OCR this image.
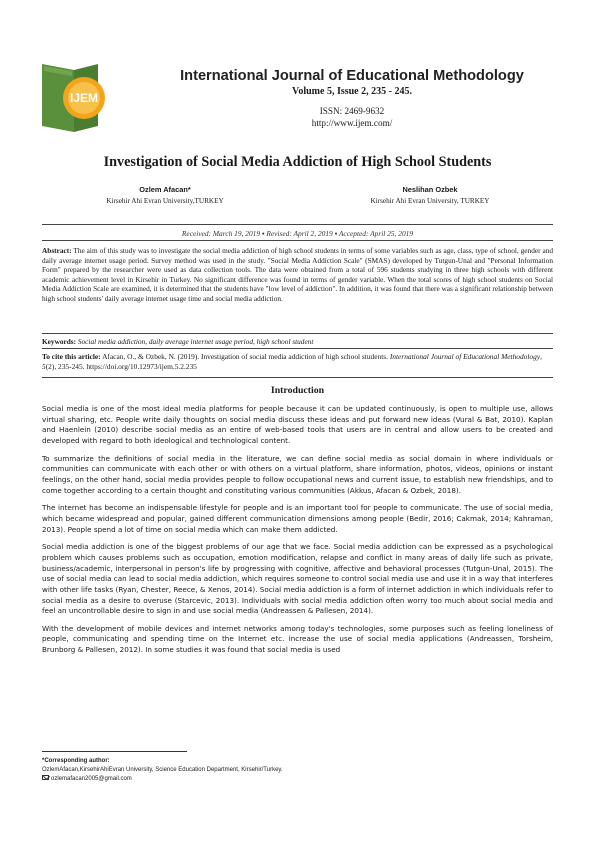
IJEM
International Journal of Educational Methodology
Volume 5, Issue 2, 235 - 245.
ISSN: 2469-9632
http://www.ijem.com/
Investigation of Social Media Addiction of High School Students
Ozlem Afacan*
Kirsehir Ahi Evran University,TURKEY
Neslihan Ozbek
Kirsehir Ahi Evran University, TURKEY
Received: March 19, 2019 ▪ Revised: April 2, 2019 ▪ Accepted: April 25, 2019
Abstract: The aim of this study was to investigate the social media addiction of high school students in terms of some variables such as age, class, type of school, gender and daily average internet usage period. Survey method was used in the study. "Social Media Addiction Scale" (SMAS) developed by Tutgun-Unal and "Personal Information Form" prepared by the researcher were used as data collection tools. The data were obtained from a total of 596 students studying in three high schools with different academic achievement level in Kirsehir in Turkey. No significant difference was found in terms of gender variable. When the total scores of high school students on Social Media Addiction Scale are examined, it is determined that the students have "low level of addiction". In addition, it was found that there was a significant relationship between high school students' daily average internet usage time and social media addiction.
Keywords: Social media addiction, daily average internet usage period, high school student
To cite this article: Afacan, O., & Ozbek, N. (2019). Investigation of social media addiction of high school students. International Journal of Educational Methodology, 5(2), 235-245. https://doi.org/10.12973/ijem.5.2.235
Introduction

Social media is one of the most ideal media platforms for people because it can be updated continuously, is open to multiple use, allows virtual sharing, etc. People write daily thoughts on social media discuss these ideas and put forward new ideas (Vural & Bat, 2010). Kaplan and Haenlein (2010) describe social media as an entire of web-based tools that users are in central and allow users to be created and developed with regard to both ideological and technological content.

To summarize the definitions of social media in the literature, we can define social media as social domain in where individuals or communities can communicate with each other or with others on a virtual platform, share information, photos, videos, opinions or instant feelings, on the other hand, social media provides people to follow occupational news and current issue, to establish new friendships, and to come together according to a certain thought and constituting various communities (Akkus, Afacan & Ozbek, 2018).

The internet has become an indispensable lifestyle for people and is an important tool for people to communicate. The use of social media, which became widespread and popular, gained different communication dimensions among people (Bedir, 2016; Cakmak, 2014; Kahraman, 2013). People spend a lot of time on social media which can make them addicted.

Social media addiction is one of the biggest problems of our age that we face. Social media addiction can be expressed as a psychological problem which causes problems such as occupation, emotion modification, relapse and conflict in many areas of daily life such as private, business/academic, interpersonal in person's life by progressing with cognitive, affective and behavioral processes (Tutgun-Unal, 2015). The use of social media can lead to social media addiction, which requires someone to control social media use and use it in a way that interferes with other life tasks (Ryan, Chester, Reece, & Xenos, 2014). Social media addiction is a form of internet addiction in which individuals refer to social media as a desire to overuse (Starcevic, 2013). Individuals with social media addiction often worry too much about social media and feel an uncontrollable desire to sign in and use social media (Andreassen & Pallesen, 2014).

With the development of mobile devices and internet networks among today's technologies, some purposes such as feeling loneliness of people, communicating and spending time on the Internet etc. increase the use of social media applications (Andreassen, Torsheim, Brunborg & Pallesen, 2012). In some studies it was found that social media is used

*Corresponding author:
OzlemAfacan,KirsehirAhiEvran University, Science Education Department, Kirsehir/Turkey.
ozlemafacan2005@gmail.com
